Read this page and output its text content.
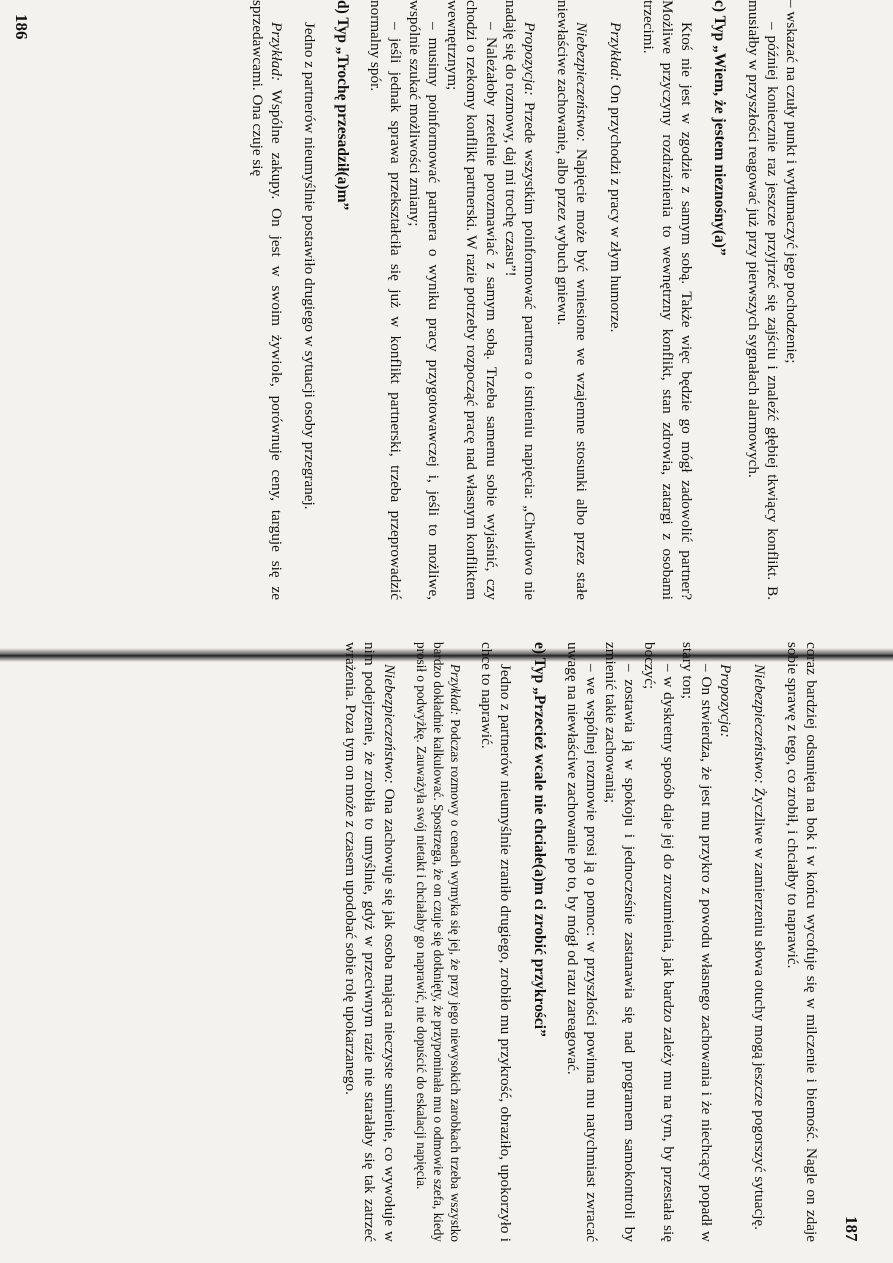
– wskazać na czuły punkt i wytłumaczyć jego pochodzenie;

– później koniecznie raz jeszcze przyjrzeć się zajściu i znaleźć głębiej tkwiący konflikt. B. musiałby w przyszłości reagować już przy pierwszych sygnałach alarmowych.

c) Typ „Wiem, że jestem nieznośny(a)”

Ktoś nie jest w zgodzie z samym sobą. Także więc będzie go mógł zadowolić partner? Możliwe przyczyny rozdrażnienia to wewnętrzny konflikt, stan zdrowia, zatargi z osobami trzecimi.

Przykład: On przychodzi z pracy w złym humorze.

Niebezpieczeństwo: Napięcie może być wniesione we wzajemne stosunki albo przez stałe niewłaściwe zachowanie, albo przez wybuch gniewu.

Propozycja: Przede wszystkim poinformować partnera o istnieniu napięcia: „Chwilowo nie nadaję się do rozmowy, daj mi trochę czasu”!

– Należałoby rzetelnie porozmawiać z samym sobą. Trzeba samemu sobie wyjaśnić, czy chodzi o rzekomy konflikt partnerski. W razie potrzeby rozpocząć pracę nad własnym konfliktem wewnętrznym;

– musimy poinformować partnera o wyniku pracy przygotowawczej i, jeśli to możliwe, wspólnie szukać możliwości zmiany;

– jeśli jednak sprawa przekształciła się już w konflikt partnerski, trzeba przeprowadzić normalny spór.

d) Typ „Trochę przesadził(a)m”

Jedno z partnerów nieumyślnie postawiło drugiego w sytuacji osoby przegranej.

Przykład: Wspólne zakupy. On jest w swoim żywiole, porównuje ceny, targuje się ze sprzedawcami. Ona czuje się

186

coraz bardziej odsunięta na bok i w końcu wycofuje się w milczenie i biemość. Nagle on zdaje sobie sprawę z tego, co zrobił, i chciałby to naprawić.

Niebezpieczeństwo: Życzliwe w zamierzeniu słowa otuchy mogą jeszcze pogorszyć sytuację.

Propozycja:

– On stwierdza, że jest mu przykro z powodu własnego zachowania i że niechcący popadł w stary ton;

– w dyskretny sposób daje jej do zrozumienia, jak bardzo zależy mu na tym, by przestała się boczyć;

– zostawia ją w spokoju i jednocześnie zastanawia się nad programem samokontroli by zmienić takie zachowania;

– we wspólnej rozmowie prosi ją o pomoc: w przyszłości powinna mu natychmiast zwracać uwagę na niewłaściwe zachowanie po to, by mógł od razu zareagować.

e) Typ „Przecież wcale nie chciałe(a)m ci zrobić przykrości”

Jedno z partnerów nieumyślnie zraniło drugiego, zrobiło mu przykrość, obraziło, upokorzyło i chce to naprawić.

Przykład: Podczas rozmowy o cenach wymyka się jej, że przy jego niewysokich zarobkach trzeba wszystko bardzo dokładnie kalkulować. Spostrzega, że on czuje się dotknięty, że przypominała mu o odmowie szefa, kiedy prosił o podwyżkę. Zauważyła swój nietakt i chciałaby go naprawić, nie dopuścić do eskalacji napięcia.

Niebezpieczeństwo: Ona zachowuje się jak osoba mająca nieczyste sumienie, co wywołuje w nim podejrzenie, że zrobiła to umyślnie, gdyż w przeciwnym razie nie starałaby się tak zatrzeć wrażenia. Poza tym on może z czasem upodobać sobie rolę upokarzanego.

187
